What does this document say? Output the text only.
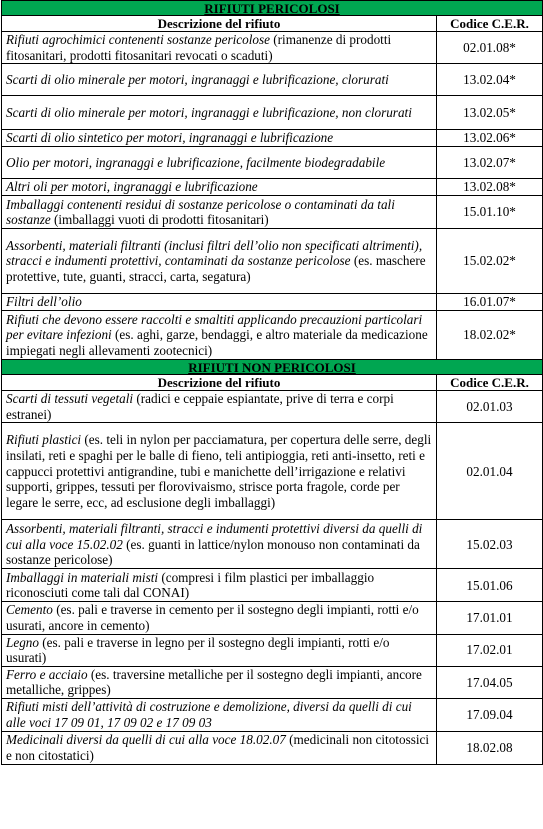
RIFIUTI PERICOLOSI	
Descrizione del rifiuto	Codice C.E.R.
Rifiuti agrochimici contenenti sostanze pericolose (rimanenze di prodotti fitosanitari, prodotti fitosanitari revocati o scaduti)	02.01.08*
Scarti di olio minerale per motori, ingranaggi e lubrificazione, clorurati	13.02.04*
Scarti di olio minerale per motori, ingranaggi e lubrificazione, non clorurati	13.02.05*
Scarti di olio sintetico per motori, ingranaggi e lubrificazione	13.02.06*
Olio per motori, ingranaggi e lubrificazione, facilmente biodegradabile	13.02.07*
Altri oli per motori, ingranaggi e lubrificazione	13.02.08*
Imballaggi contenenti residui di sostanze pericolose o contaminati da tali sostanze (imballaggi vuoti di prodotti fitosanitari)	15.01.10*
Assorbenti, materiali filtranti (inclusi filtri dell’olio non specificati altrimenti), stracci e indumenti protettivi, contaminati da sostanze pericolose (es. maschere protettive, tute, guanti, stracci, carta, segatura)	15.02.02*
Filtri dell’olio	16.01.07*
Rifiuti che devono essere raccolti e smaltiti applicando precauzioni particolari per evitare infezioni (es. aghi, garze, bendaggi, e altro materiale da medicazione impiegati negli allevamenti zootecnici)	18.02.02*
RIFIUTI NON PERICOLOSI	
Descrizione del rifiuto	Codice C.E.R.
Scarti di tessuti vegetali (radici e ceppaie espiantate, prive di terra e corpi estranei)	02.01.03
Rifiuti plastici (es. teli in nylon per pacciamatura, per copertura delle serre, degli insilati, reti e spaghi per le balle di fieno, teli antipioggia, reti anti-insetto, reti e cappucci protettivi antigrandine, tubi e manichette dell’irrigazione e relativi supporti, grippes, tessuti per florovivaismo, strisce porta fragole, corde per legare le serre, ecc, ad esclusione degli imballaggi)	02.01.04
Assorbenti, materiali filtranti, stracci e indumenti protettivi diversi da quelli di cui alla voce 15.02.02 (es. guanti in lattice/nylon monouso non contaminati da sostanze pericolose)	15.02.03
Imballaggi in materiali misti (compresi i film plastici per imballaggio riconosciuti come tali dal CONAI)	15.01.06
Cemento (es. pali e traverse in cemento per il sostegno degli impianti, rotti e/o usurati, ancore in cemento)	17.01.01
Legno (es. pali e traverse in legno per il sostegno degli impianti, rotti e/o usurati)	17.02.01
Ferro e acciaio (es. traversine metalliche per il sostegno degli impianti, ancore metalliche, grippes)	17.04.05
Rifiuti misti dell’attività di costruzione e demolizione, diversi da quelli di cui alle voci 17 09 01, 17 09 02 e 17 09 03	17.09.04
Medicinali diversi da quelli di cui alla voce 18.02.07 (medicinali non citotossici e non citostatici)	18.02.08
